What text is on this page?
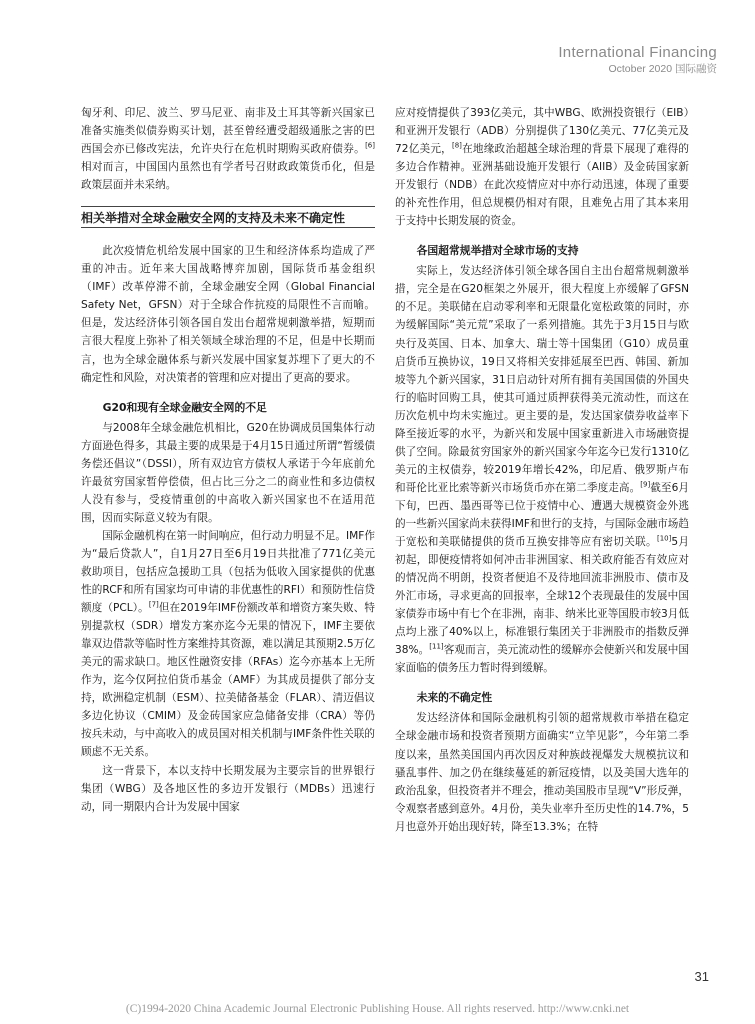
International Financing
October 2020 国际融资

匈牙利、印尼、波兰、罗马尼亚、南非及土耳其等新兴国家已准备实施类似债券购买计划，甚至曾经遭受超级通胀之害的巴西国会亦已修改宪法，允许央行在危机时期购买政府债券。[6]相对而言，中国国内虽然也有学者号召财政政策货币化，但是政策层面并未采纳。

相关举措对全球金融安全网的支持及未来不确定性

此次疫情危机给发展中国家的卫生和经济体系均造成了严重的冲击。近年来大国战略博弈加剧，国际货币基金组织（IMF）改革停滞不前，全球金融安全网（Global Financial Safety Net，GFSN）对于全球合作抗疫的局限性不言而喻。但是，发达经济体引领各国自发出台超常规刺激举措，短期而言很大程度上弥补了相关领域全球治理的不足，但是中长期而言，也为全球金融体系与新兴发展中国家复苏埋下了更大的不确定性和风险，对决策者的管理和应对提出了更高的要求。

G20和现有全球金融安全网的不足

与2008年全球金融危机相比，G20在协调成员国集体行动方面逊色得多，其最主要的成果是于4月15日通过所谓“暂缓债务偿还倡议”（DSSI），所有双边官方债权人承诺于今年底前允许最贫穷国家暂停偿债，但占比三分之二的商业性和多边债权人没有参与，受疫情重创的中高收入新兴国家也不在适用范围，因而实际意义较为有限。

国际金融机构在第一时间响应，但行动力明显不足。IMF作为“最后贷款人”，自1月27日至6月19日共批准了771亿美元救助项目，包括应急援助工具（包括为低收入国家提供的优惠性的RCF和所有国家均可申请的非优惠性的RFI）和预防性信贷额度（PCL）。[7]但在2019年IMF份额改革和增资方案失败、特别提款权（SDR）增发方案亦迄今无果的情况下，IMF主要依靠双边借款等临时性方案维持其资源，难以满足其预期2.5万亿美元的需求缺口。地区性融资安排（RFAs）迄今亦基本上无所作为，迄今仅阿拉伯货币基金（AMF）为其成员提供了部分支持，欧洲稳定机制（ESM）、拉美储备基金（FLAR）、清迈倡议多边化协议（CMIM）及金砖国家应急储备安排（CRA）等仍按兵未动，与中高收入的成员国对相关机制与IMF条件性关联的顾虑不无关系。

这一背景下，本以支持中长期发展为主要宗旨的世界银行集团（WBG）及各地区性的多边开发银行（MDBs）迅速行动，同一期限内合计为发展中国家

应对疫情提供了393亿美元，其中WBG、欧洲投资银行（EIB）和亚洲开发银行（ADB）分别提供了130亿美元、77亿美元及72亿美元，[8]在地缘政治超越全球治理的背景下展现了难得的多边合作精神。亚洲基础设施开发银行（AIIB）及金砖国家新开发银行（NDB）在此次疫情应对中亦行动迅速，体现了重要的补充性作用，但总规模仍相对有限，且难免占用了其本来用于支持中长期发展的资金。

各国超常规举措对全球市场的支持

实际上，发达经济体引领全球各国自主出台超常规刺激举措，完全是在G20框架之外展开，很大程度上亦缓解了GFSN的不足。美联储在启动零利率和无限量化宽松政策的同时，亦为缓解国际“美元荒”采取了一系列措施。其先于3月15日与欧央行及英国、日本、加拿大、瑞士等十国集团（G10）成员重启货币互换协议，19日又将相关安排延展至巴西、韩国、新加坡等九个新兴国家，31日启动针对所有拥有美国国债的外国央行的临时回购工具，使其可通过质押获得美元流动性，而这在历次危机中均未实施过。更主要的是，发达国家债券收益率下降至接近零的水平，为新兴和发展中国家重新进入市场融资提供了空间。除最贫穷国家外的新兴国家今年迄今已发行1310亿美元的主权债券，较2019年增长42%，印尼盾、俄罗斯卢布和哥伦比亚比索等新兴市场货币亦在第二季度走高。[9]截至6月下旬，巴西、墨西哥等已位于疫情中心、遭遇大规模资金外逃的一些新兴国家尚未获得IMF和世行的支持，与国际金融市场趋于宽松和美联储提供的货币互换安排等应有密切关联。[10]5月初起，即便疫情将如何冲击非洲国家、相关政府能否有效应对的情况尚不明朗，投资者便追不及待地回流非洲股市、债市及外汇市场，寻求更高的回报率，全球12个表现最佳的发展中国家债券市场中有七个在非洲，南非、纳米比亚等国股市较3月低点均上涨了40%以上，标准银行集团关于非洲股市的指数反弹38%。[11]客观而言，美元流动性的缓解亦会使新兴和发展中国家面临的债务压力暂时得到缓解。

未来的不确定性

发达经济体和国际金融机构引领的超常规救市举措在稳定全球金融市场和投资者预期方面确实“立竿见影”，今年第二季度以来，虽然美国国内再次因反对种族歧视爆发大规模抗议和骚乱事件、加之仍在继续蔓延的新冠疫情，以及美国大选年的政治乱象，但投资者并不理会，推动美国股市呈现“V”形反弹，令观察者感到意外。4月份，美失业率升至历史性的14.7%，5月也意外开始出现好转，降至13.3%；在特

31
(C)1994-2020 China Academic Journal Electronic Publishing House. All rights reserved. http://www.cnki.net
